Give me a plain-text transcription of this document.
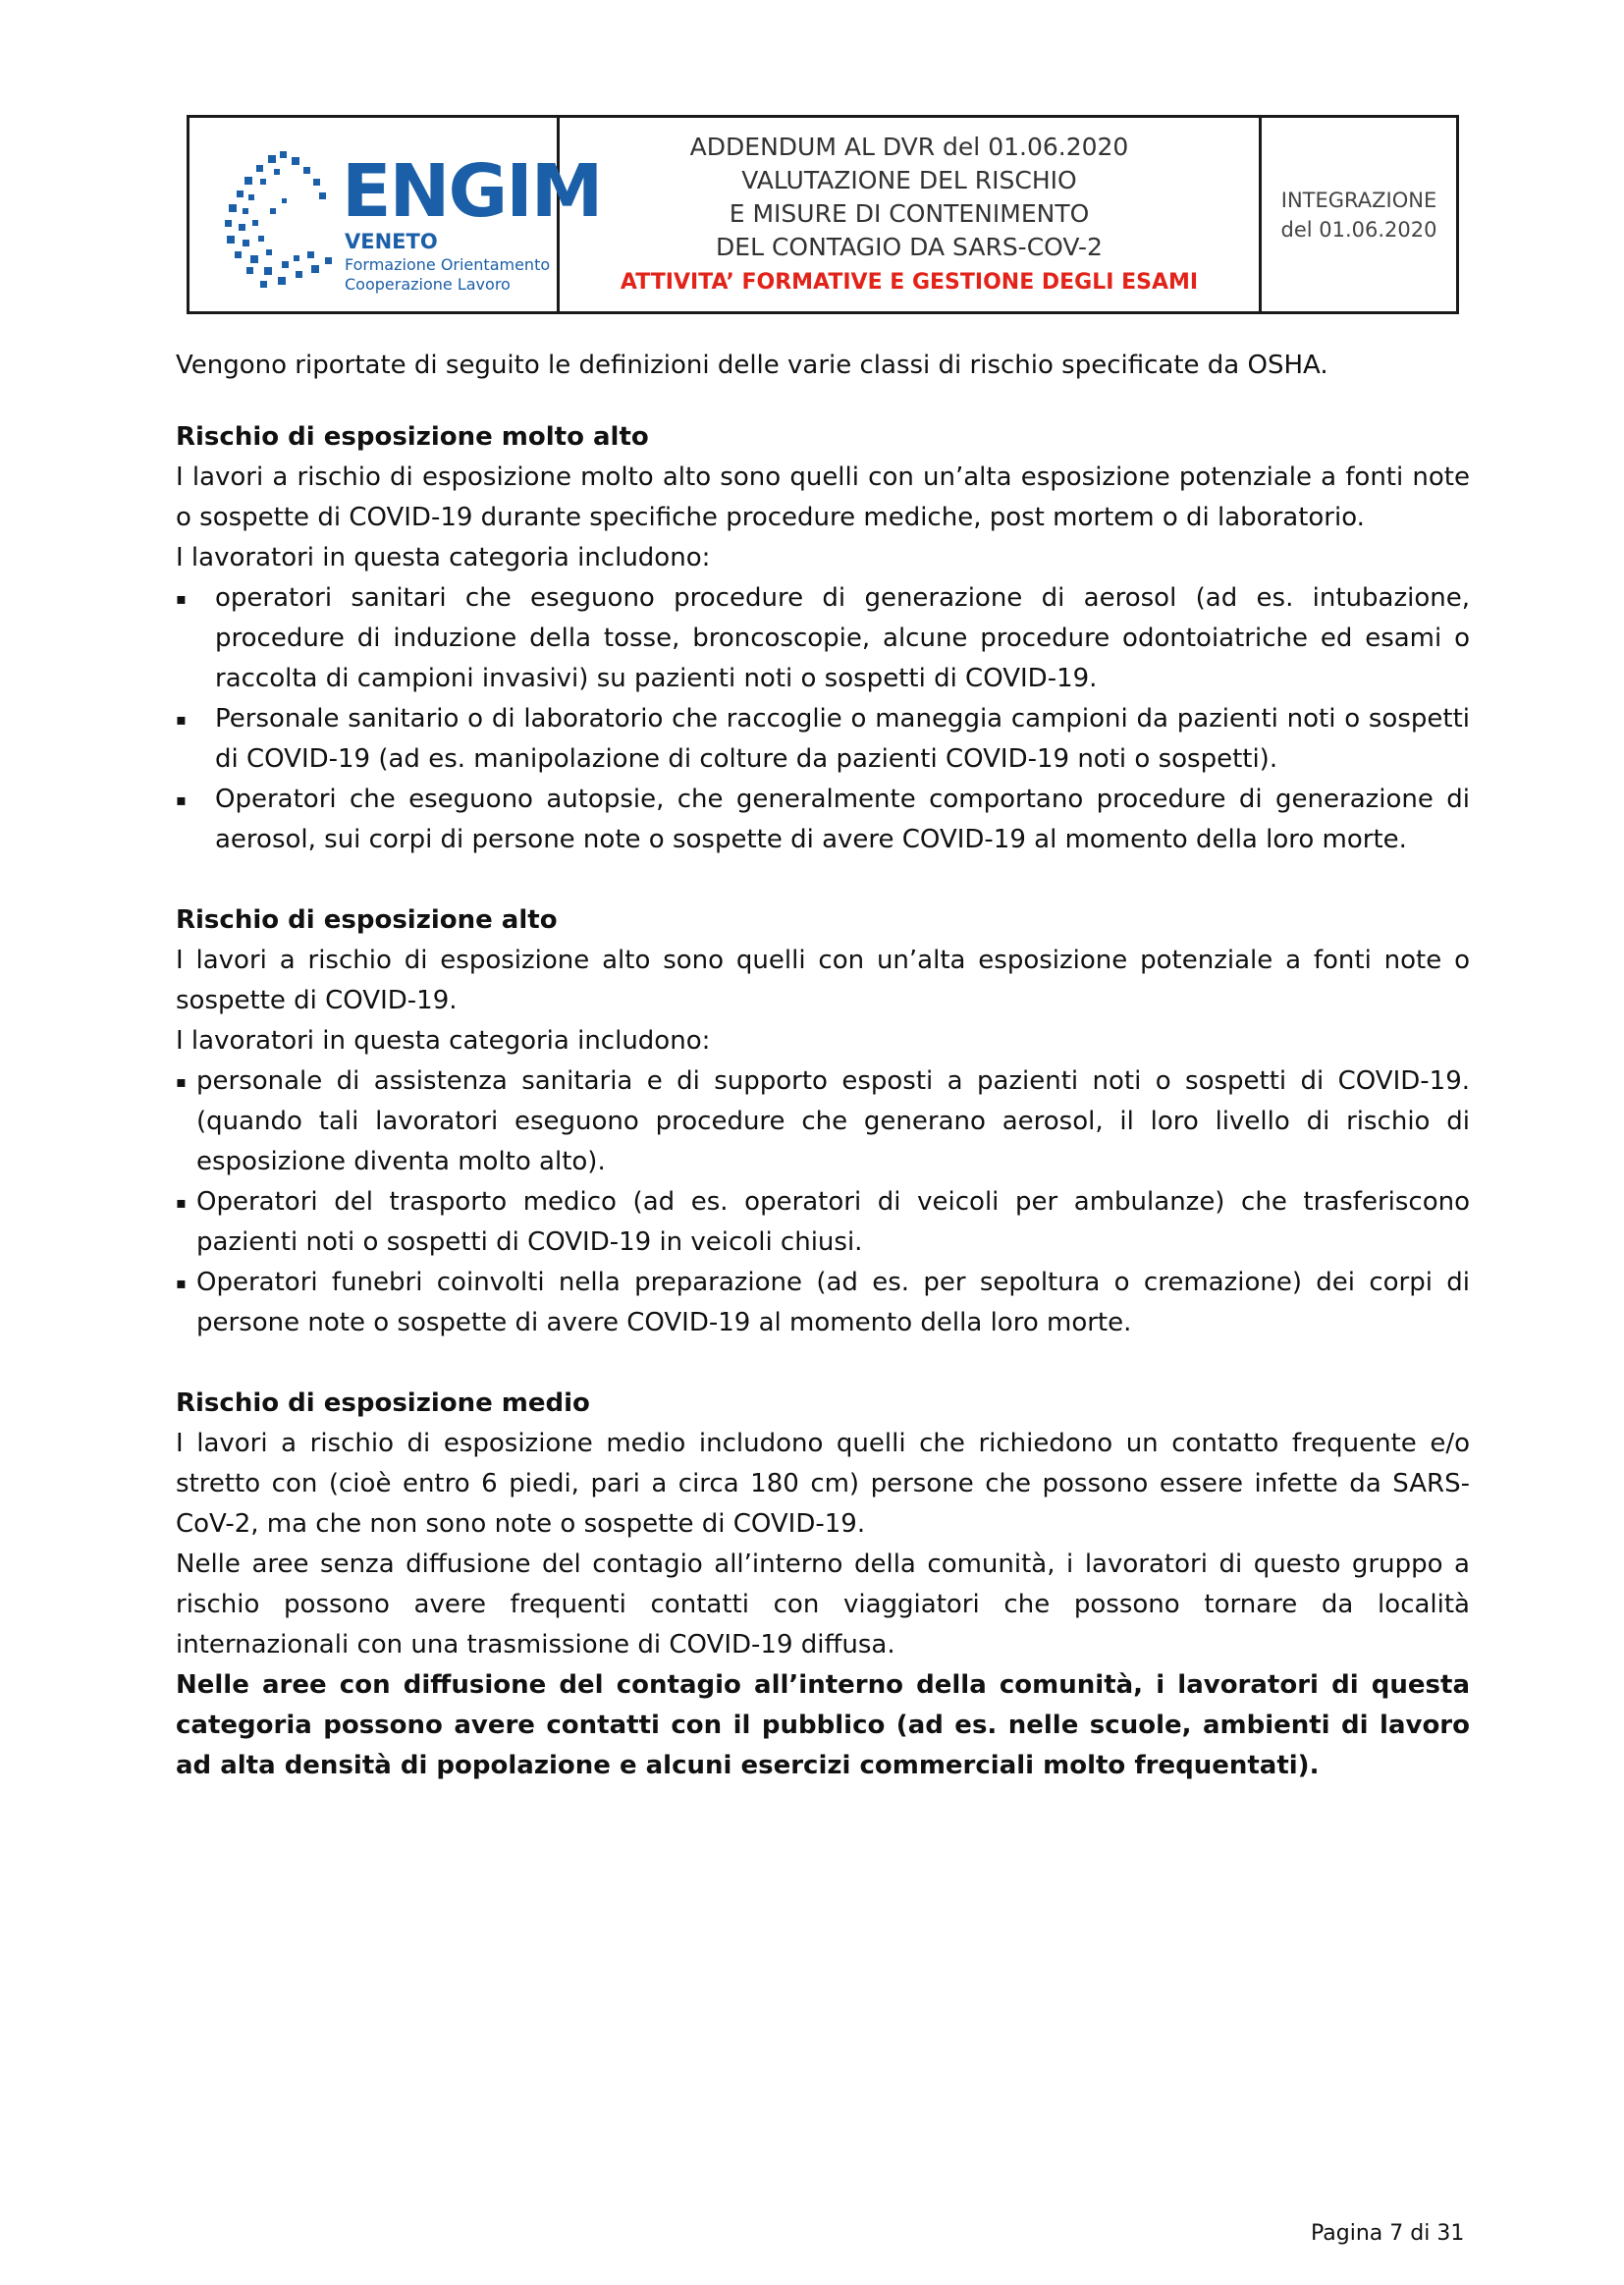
ENGIM
VENETO
Formazione Orientamento
Cooperazione Lavoro
ADDENDUM AL DVR del 01.06.2020
VALUTAZIONE DEL RISCHIO
E MISURE DI CONTENIMENTO
DEL CONTAGIO DA SARS-COV-2
ATTIVITA’ FORMATIVE E GESTIONE DEGLI ESAMI
INTEGRAZIONE
del 01.06.2020

Vengono riportate di seguito le definizioni delle varie classi di rischio specificate da OSHA.

Rischio di esposizione molto alto

I lavori a rischio di esposizione molto alto sono quelli con un’alta esposizione potenziale a fonti note o sospette di COVID-19 durante specifiche procedure mediche, post mortem o di laboratorio.

I lavoratori in questa categoria includono:

▪ operatori sanitari che eseguono procedure di generazione di aerosol (ad es. intubazione, procedure di induzione della tosse, broncoscopie, alcune procedure odontoiatriche ed esami o raccolta di campioni invasivi) su pazienti noti o sospetti di COVID-19.
▪ Personale sanitario o di laboratorio che raccoglie o maneggia campioni da pazienti noti o sospetti di COVID-19 (ad es. manipolazione di colture da pazienti COVID-19 noti o sospetti).
▪ Operatori che eseguono autopsie, che generalmente comportano procedure di generazione di aerosol, sui corpi di persone note o sospette di avere COVID-19 al momento della loro morte.

Rischio di esposizione alto

I lavori a rischio di esposizione alto sono quelli con un’alta esposizione potenziale a fonti note o sospette di COVID-19.

I lavoratori in questa categoria includono:

▪ personale di assistenza sanitaria e di supporto esposti a pazienti noti o sospetti di COVID-19. (quando tali lavoratori eseguono procedure che generano aerosol, il loro livello di rischio di esposizione diventa molto alto).
▪ Operatori del trasporto medico (ad es. operatori di veicoli per ambulanze) che trasferiscono pazienti noti o sospetti di COVID-19 in veicoli chiusi.
▪ Operatori funebri coinvolti nella preparazione (ad es. per sepoltura o cremazione) dei corpi di persone note o sospette di avere COVID-19 al momento della loro morte.

Rischio di esposizione medio

I lavori a rischio di esposizione medio includono quelli che richiedono un contatto frequente e/o stretto con (cioè entro 6 piedi, pari a circa 180 cm) persone che possono essere infette da SARS-CoV-2, ma che non sono note o sospette di COVID-19.

Nelle aree senza diffusione del contagio all’interno della comunità, i lavoratori di questo gruppo a rischio possono avere frequenti contatti con viaggiatori che possono tornare da località internazionali con una trasmissione di COVID-19 diffusa.

Nelle aree con diffusione del contagio all’interno della comunità, i lavoratori di questa categoria possono avere contatti con il pubblico (ad es. nelle scuole, ambienti di lavoro ad alta densità di popolazione e alcuni esercizi commerciali molto frequentati).

Pagina 7 di 31
